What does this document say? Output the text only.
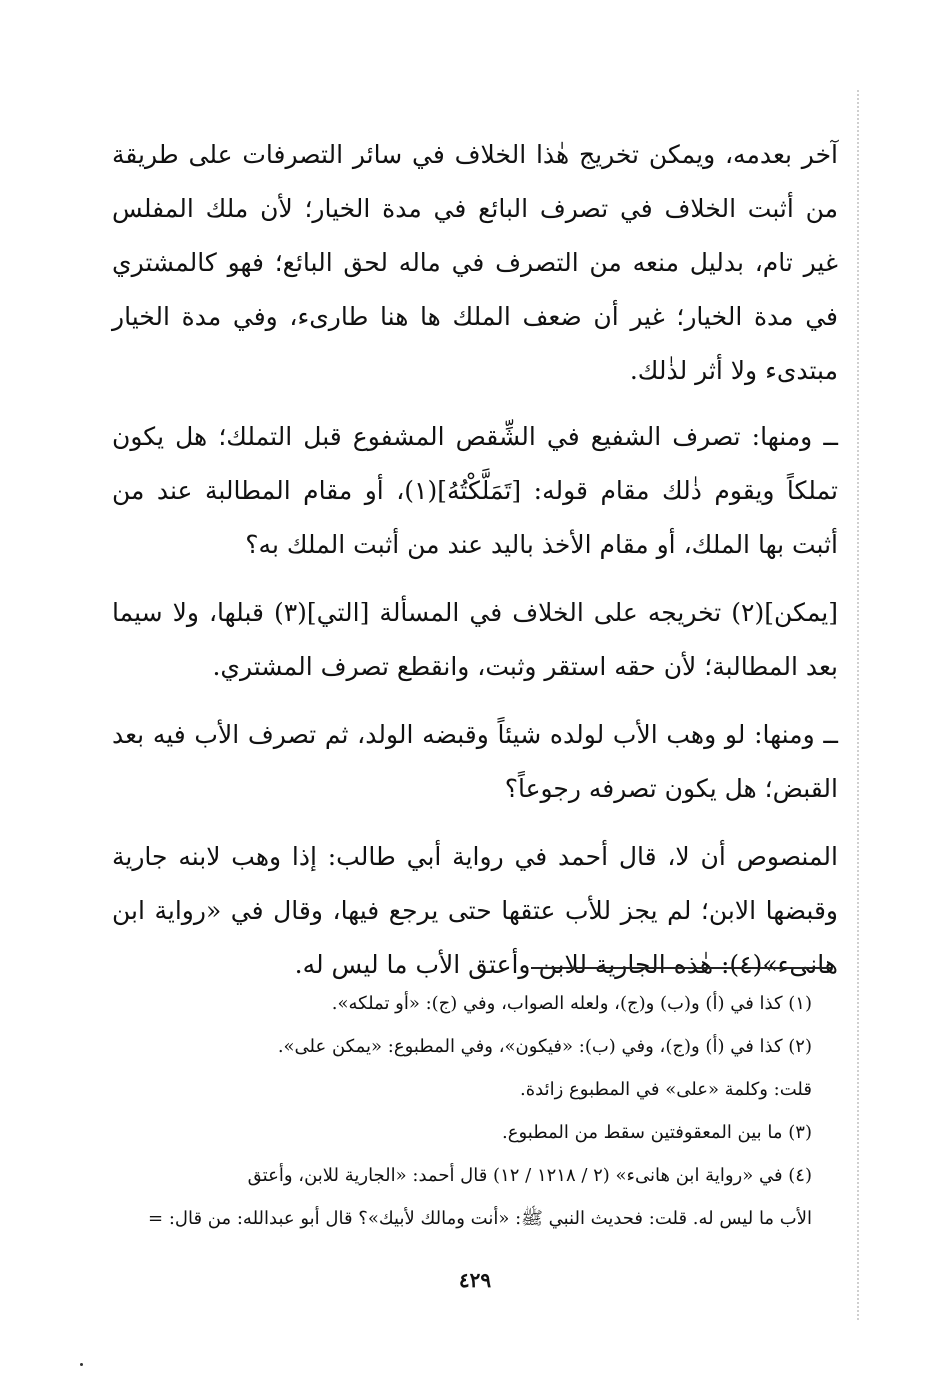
آخر بعدمه، ويمكن تخريج هٰذا الخلاف في سائر التصرفات على طريقة من أثبت الخلاف في تصرف البائع في مدة الخيار؛ لأن ملك المفلس غير تام، بدليل منعه من التصرف في ماله لحق البائع؛ فهو كالمشتري في مدة الخيار؛ غير أن ضعف الملك ها هنا طارىء، وفي مدة الخيار مبتدىء ولا أثر لذٰلك.

ــ ومنها: تصرف الشفيع في الشِّقص المشفوع قبل التملك؛ هل يكون تملكاً ويقوم ذٰلك مقام قوله: [تَمَلَّكْتُهُ](١)، أو مقام المطالبة عند من أثبت بها الملك، أو مقام الأخذ باليد عند من أثبت الملك به؟

[يمكن](٢) تخريجه على الخلاف في المسألة [التي](٣) قبلها، ولا سيما بعد المطالبة؛ لأن حقه استقر وثبت، وانقطع تصرف المشتري.

ــ ومنها: لو وهب الأب لولده شيئاً وقبضه الولد، ثم تصرف الأب فيه بعد القبض؛ هل يكون تصرفه رجوعاً؟

المنصوص أن لا، قال أحمد في رواية أبي طالب: إذا وهب لابنه جارية وقبضها الابن؛ لم يجز للأب عتقها حتى يرجع فيها، وقال في «رواية ابن هانىء»(٤): هٰذه الجارية للابن وأعتق الأب ما ليس له.

(١) كذا في (أ) و(ب) و(ج)، ولعله الصواب، وفي (ج): «أو تملكه».
(٢) كذا في (أ) و(ج)، وفي (ب): «فيكون»، وفي المطبوع: «يمكن على».
قلت: وكلمة «على» في المطبوع زائدة.
(٣) ما بين المعقوفتين سقط من المطبوع.
(٤) في «رواية ابن هانىء» (٢ / ١٢١٨ / ١٢) قال أحمد: «الجارية للابن، وأعتق
الأب ما ليس له. قلت: فحديث النبي ﷺ: «أنت ومالك لأبيك»؟ قال أبو عبدالله: من قال: =
٤٢٩
